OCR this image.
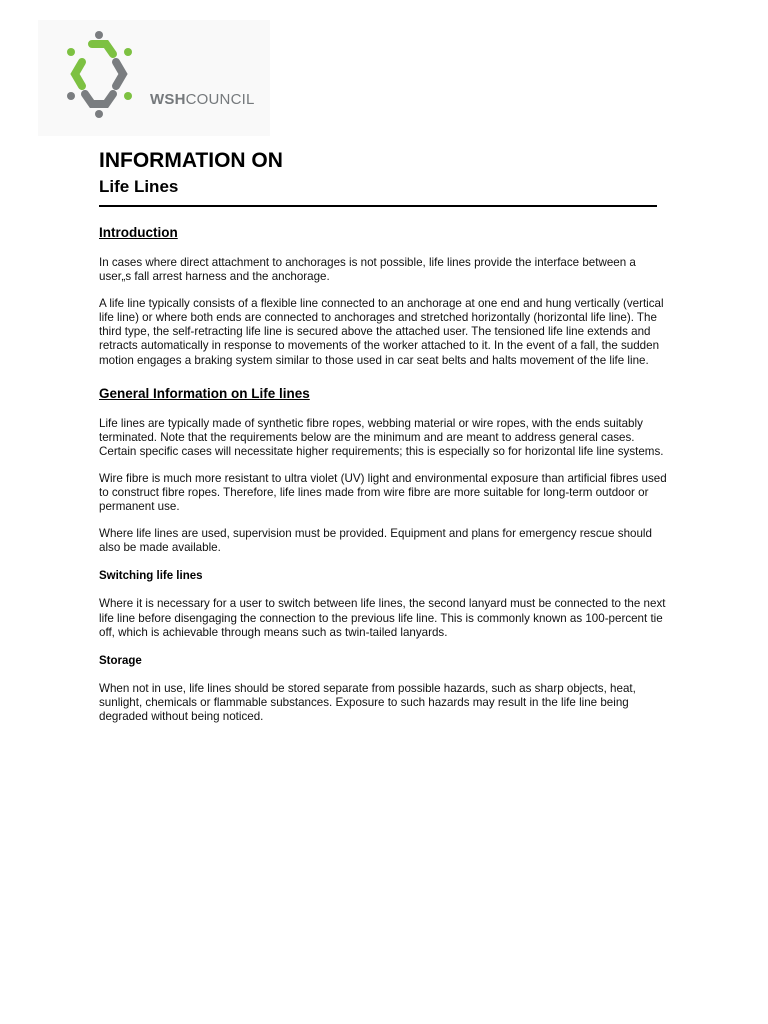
WSHCOUNCIL
INFORMATION ON
Life Lines
Introduction

In cases where direct attachment to anchorages is not possible, life lines provide the interface between a user„s fall arrest harness and the anchorage.

A life line typically consists of a flexible line connected to an anchorage at one end and hung vertically (vertical life line) or where both ends are connected to anchorages and stretched horizontally (horizontal life line). The third type, the self-retracting life line is secured above the attached user. The tensioned life line extends and retracts automatically in response to movements of the worker attached to it. In the event of a fall, the sudden motion engages a braking system similar to those used in car seat belts and halts movement of the life line.

General Information on Life lines

Life lines are typically made of synthetic fibre ropes, webbing material or wire ropes, with the ends suitably terminated. Note that the requirements below are the minimum and are meant to address general cases. Certain specific cases will necessitate higher requirements; this is especially so for horizontal life line systems.

Wire fibre is much more resistant to ultra violet (UV) light and environmental exposure than artificial fibres used to construct fibre ropes. Therefore, life lines made from wire fibre are more suitable for long-term outdoor or permanent use.

Where life lines are used, supervision must be provided. Equipment and plans for emergency rescue should also be made available.

Switching life lines

Where it is necessary for a user to switch between life lines, the second lanyard must be connected to the next life line before disengaging the connection to the previous life line. This is commonly known as 100-percent tie off, which is achievable through means such as twin-tailed lanyards.

Storage

When not in use, life lines should be stored separate from possible hazards, such as sharp objects, heat, sunlight, chemicals or flammable substances. Exposure to such hazards may result in the life line being degraded without being noticed.
